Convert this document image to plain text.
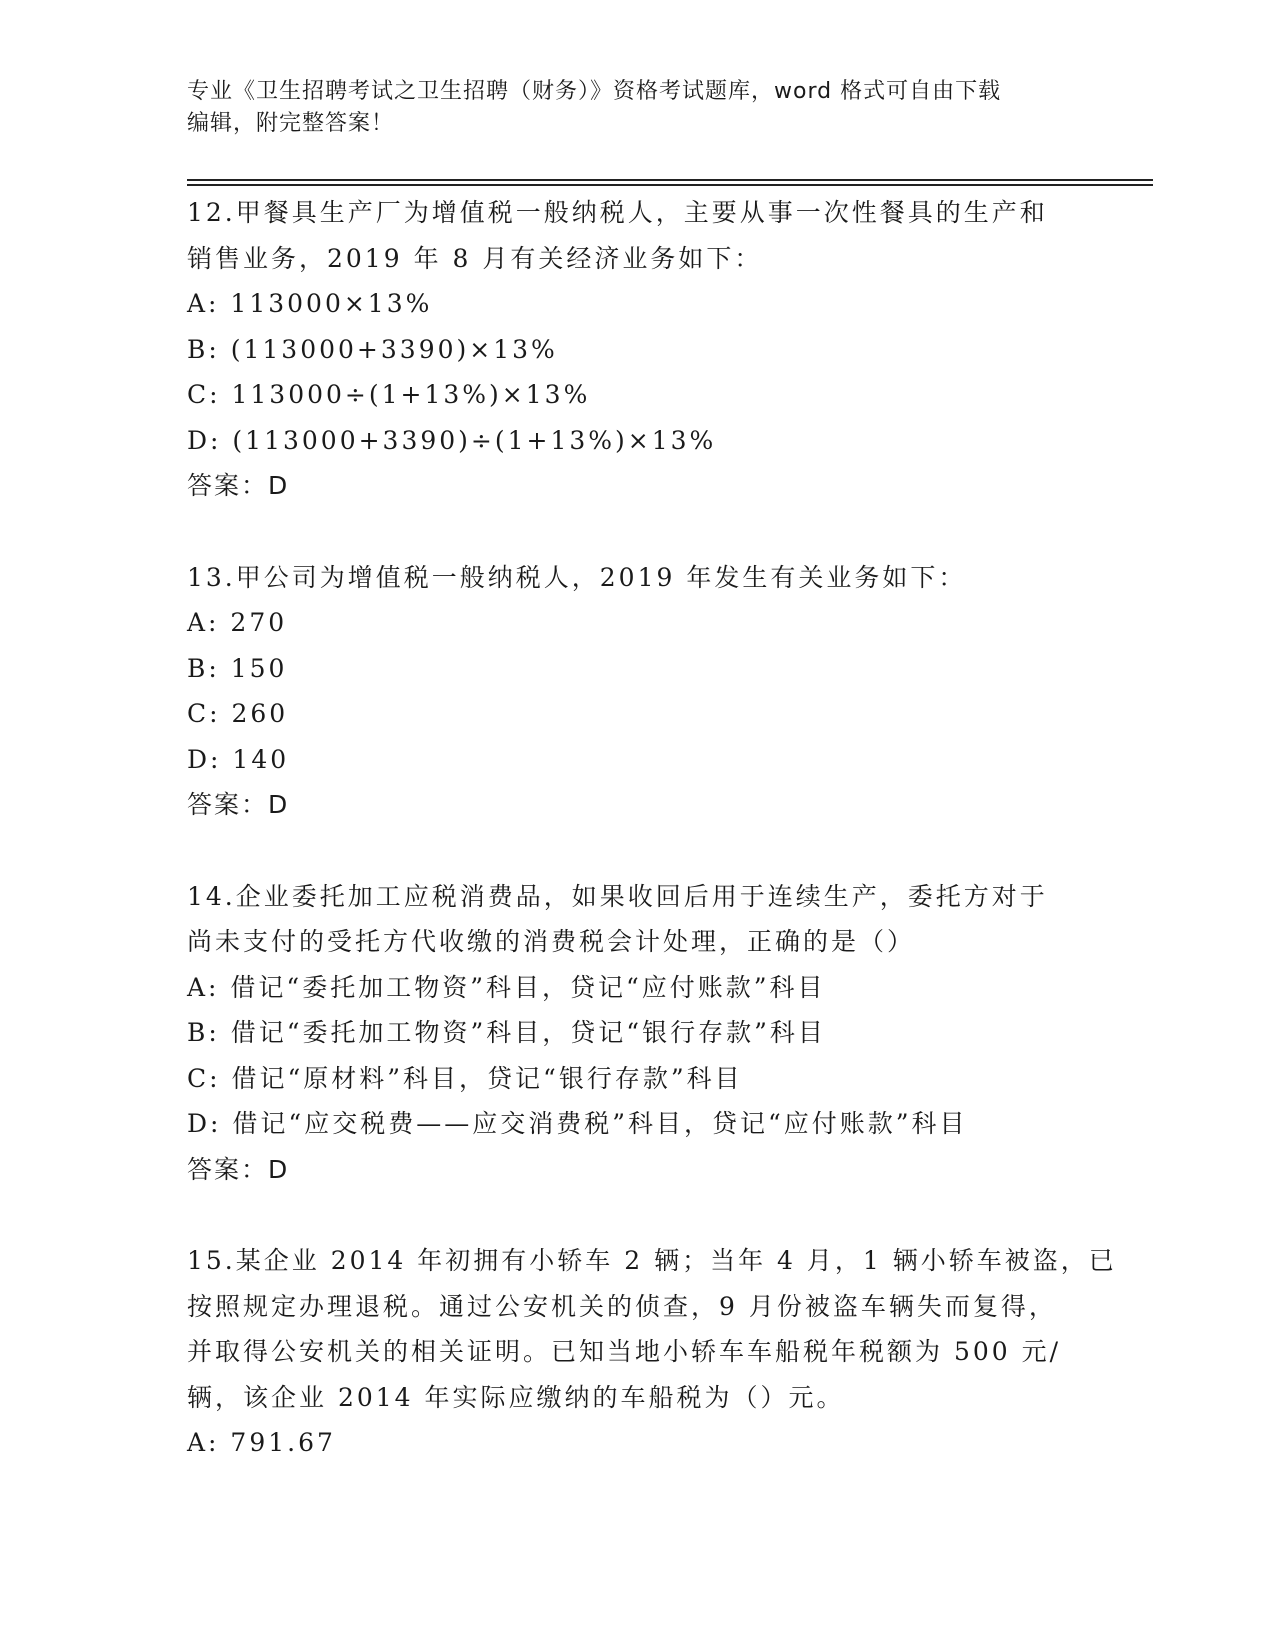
专业《卫生招聘考试之卫生招聘（财务）》资格考试题库，word 格式可自由下载
编辑，附完整答案！
12.甲餐具生产厂为增值税一般纳税人，主要从事一次性餐具的生产和
销售业务，2019 年 8 月有关经济业务如下：
A: 113000×13%
B: (113000+3390)×13%
C: 113000÷(1+13%)×13%
D: (113000+3390)÷(1+13%)×13%
答案：D
13.甲公司为增值税一般纳税人，2019 年发生有关业务如下：
A: 270
B: 150
C: 260
D: 140
答案：D
14.企业委托加工应税消费品，如果收回后用于连续生产，委托方对于
尚未支付的受托方代收缴的消费税会计处理，正确的是（）
A: 借记“委托加工物资”科目，贷记“应付账款”科目
B: 借记“委托加工物资”科目，贷记“银行存款”科目
C: 借记“原材料”科目，贷记“银行存款”科目
D: 借记“应交税费——应交消费税”科目，贷记“应付账款”科目
答案：D
15.某企业 2014 年初拥有小轿车 2 辆；当年 4 月，1 辆小轿车被盗，已
按照规定办理退税。通过公安机关的侦查，9 月份被盗车辆失而复得，
并取得公安机关的相关证明。已知当地小轿车车船税年税额为 500 元/
辆，该企业 2014 年实际应缴纳的车船税为（）元。
A: 791.67
